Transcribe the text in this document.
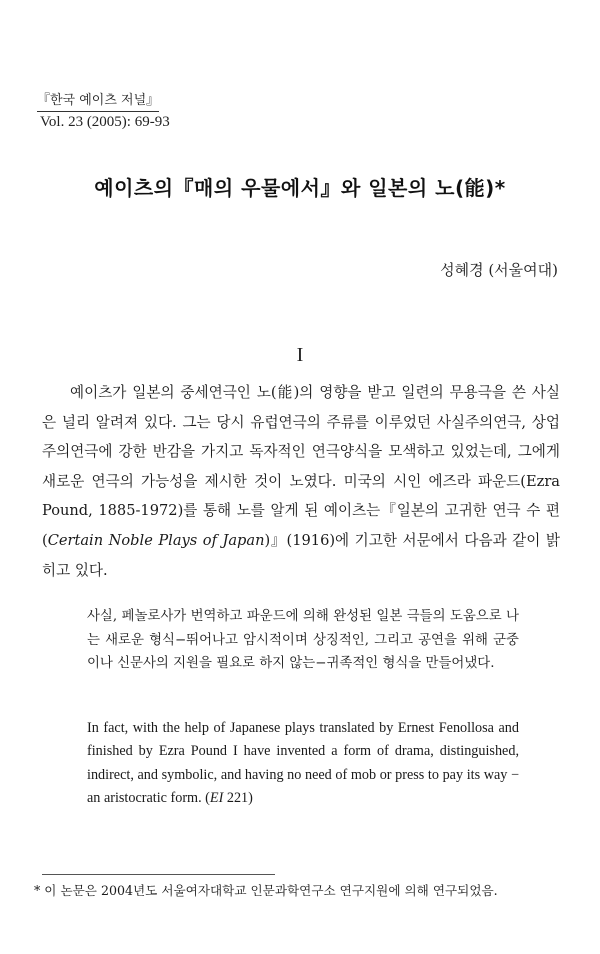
『한국 예이츠 저널』
Vol. 23 (2005): 69-93
예이츠의『매의 우물에서』와 일본의 노(能)*
성혜경 (서울여대)
I

예이츠가 일본의 중세연극인 노(能)의 영향을 받고 일련의 무용극을 쓴 사실은 널리 알려져 있다. 그는 당시 유럽연극의 주류를 이루었던 사실주의연극, 상업주의연극에 강한 반감을 가지고 독자적인 연극양식을 모색하고 있었는데, 그에게 새로운 연극의 가능성을 제시한 것이 노였다. 미국의 시인 에즈라 파운드(Ezra Pound, 1885-1972)를 통해 노를 알게 된 예이츠는『일본의 고귀한 연극 수 편(Certain Noble Plays of Japan)』(1916)에 기고한 서문에서 다음과 같이 밝히고 있다.

사실, 페놀로사가 번역하고 파운드에 의해 완성된 일본 극들의 도움으로 나는 새로운 형식−뛰어나고 암시적이며 상징적인, 그리고 공연을 위해 군중이나 신문사의 지원을 필요로 하지 않는−귀족적인 형식을 만들어냈다.

In fact, with the help of Japanese plays translated by Ernest Fenollosa and finished by Ezra Pound I have invented a form of drama, distinguished, indirect, and symbolic, and having no need of mob or press to pay its way − an aristocratic form. (EI 221)

* 이 논문은 2004년도 서울여자대학교 인문과학연구소 연구지원에 의해 연구되었음.
